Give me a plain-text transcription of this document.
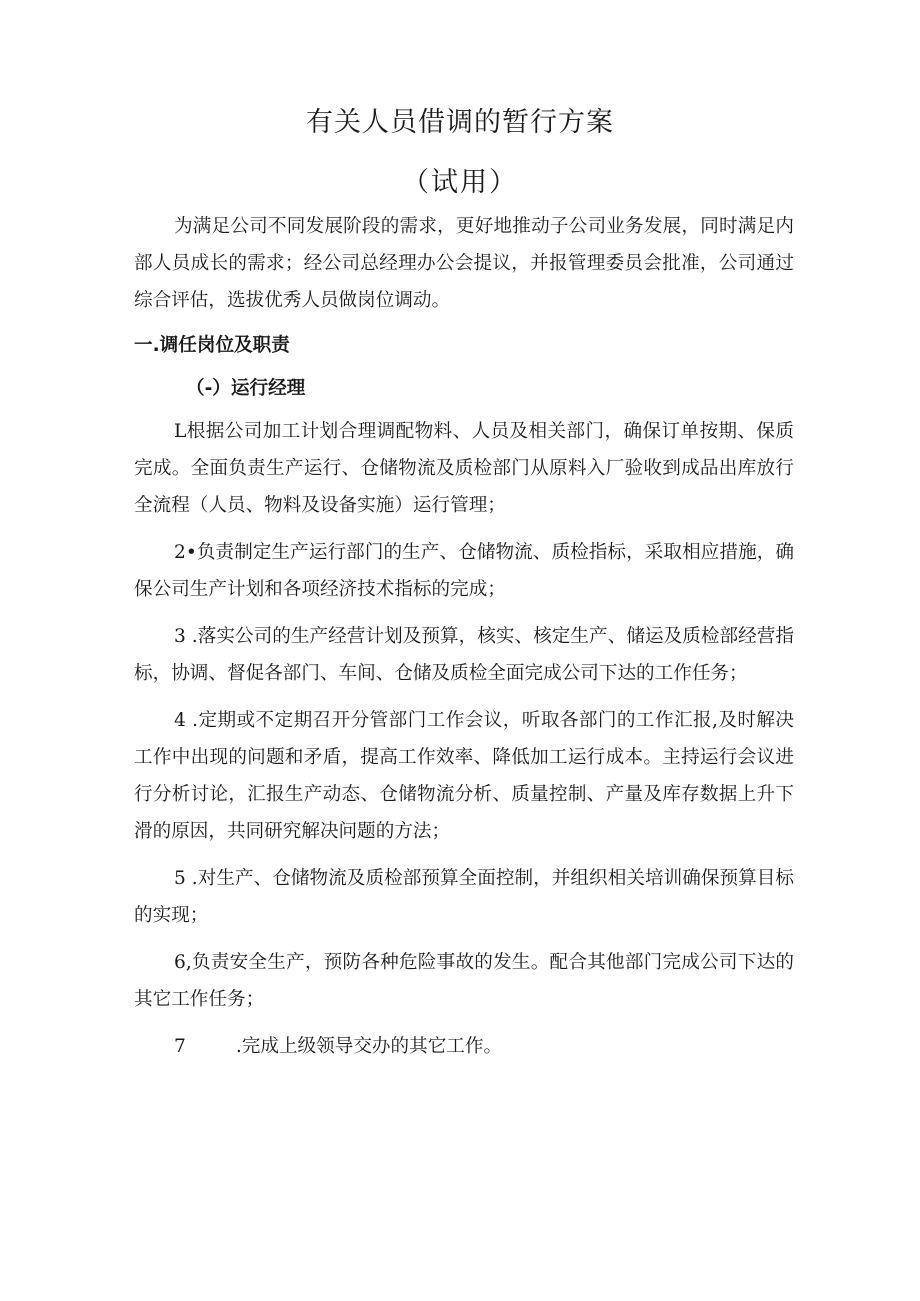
有关人员借调的暂行方案
（试用）

为满足公司不同发展阶段的需求，更好地推动子公司业务发展，同时满足内部人员成长的需求；经公司总经理办公会提议，并报管理委员会批准，公司通过综合评估，选拔优秀人员做岗位调动。

一.调任岗位及职责

（-）运行经理

L根据公司加工计划合理调配物料、人员及相关部门，确保订单按期、保质完成。全面负责生产运行、仓储物流及质检部门从原料入厂验收到成品出库放行全流程（人员、物料及设备实施）运行管理；

2•负责制定生产运行部门的生产、仓储物流、质检指标，采取相应措施，确保公司生产计划和各项经济技术指标的完成；

3 .落实公司的生产经营计划及预算，核实、核定生产、储运及质检部经营指标，协调、督促各部门、车间、仓储及质检全面完成公司下达的工作任务；

4 .定期或不定期召开分管部门工作会议，听取各部门的工作汇报,及时解决工作中出现的问题和矛盾，提高工作效率、降低加工运行成本。主持运行会议进行分析讨论，汇报生产动态、仓储物流分析、质量控制、产量及库存数据上升下滑的原因，共同研究解决问题的方法；

5 .对生产、仓储物流及质检部预算全面控制，并组织相关培训确保预算目标的实现；

6,负责安全生产，预防各种危险事故的发生。配合其他部门完成公司下达的其它工作任务；

7	.完成上级领导交办的其它工作。
